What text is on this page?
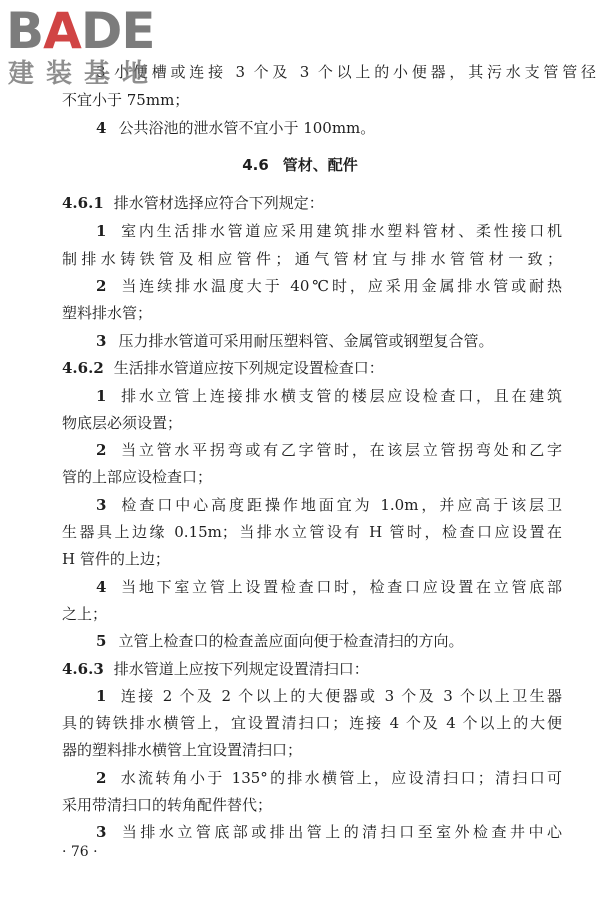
BADE
建装基地
3 小便槽或连接 3 个及 3 个以上的小便器，其污水支管管径
不宜小于 75mm；
4 公共浴池的泄水管不宜小于 100mm。
4.6 管材、配件
4.6.1 排水管材选择应符合下列规定：
1 室内生活排水管道应采用建筑排水塑料管材、柔性接口机
制排水铸铁管及相应管件；通气管材宜与排水管管材一致；
2 当连续排水温度大于 40℃时，应采用金属排水管或耐热
塑料排水管；
3 压力排水管道可采用耐压塑料管、金属管或钢塑复合管。
4.6.2 生活排水管道应按下列规定设置检查口：
1 排水立管上连接排水横支管的楼层应设检查口，且在建筑
物底层必须设置；
2 当立管水平拐弯或有乙字管时，在该层立管拐弯处和乙字
管的上部应设检查口；
3 检查口中心高度距操作地面宜为 1.0m，并应高于该层卫
生器具上边缘 0.15m；当排水立管设有 H 管时，检查口应设置在
H 管件的上边；
4 当地下室立管上设置检查口时，检查口应设置在立管底部
之上；
5 立管上检查口的检查盖应面向便于检查清扫的方向。
4.6.3 排水管道上应按下列规定设置清扫口：
1 连接 2 个及 2 个以上的大便器或 3 个及 3 个以上卫生器
具的铸铁排水横管上，宜设置清扫口；连接 4 个及 4 个以上的大便
器的塑料排水横管上宜设置清扫口；
2 水流转角小于 135°的排水横管上，应设清扫口；清扫口可
采用带清扫口的转角配件替代；
3 当排水立管底部或排出管上的清扫口至室外检查井中心
· 76 ·
